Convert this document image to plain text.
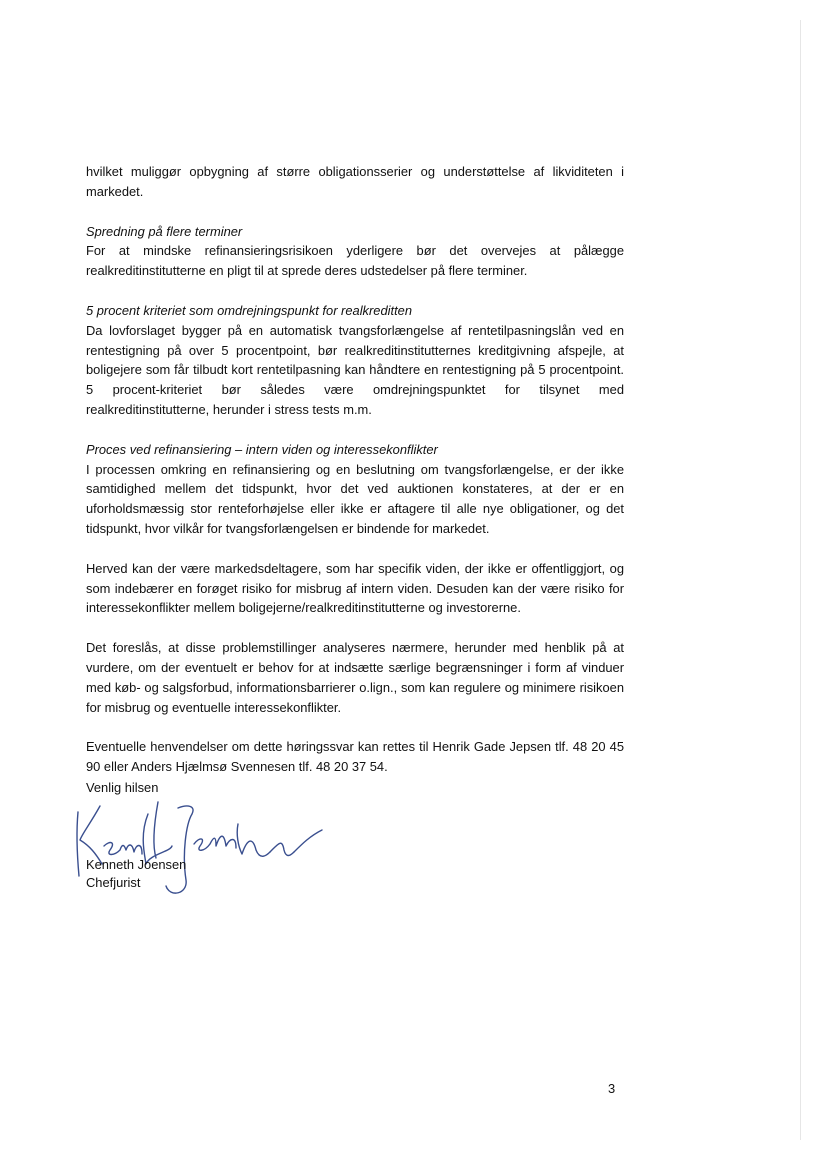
hvilket muliggør opbygning af større obligationsserier og understøttelse af likviditeten i markedet.

Spredning på flere terminer

For at mindske refinansieringsrisikoen yderligere bør det overvejes at pålægge realkreditinstitutterne en pligt til at sprede deres udstedelser på flere terminer.

5 procent kriteriet som omdrejningspunkt for realkreditten

Da lovforslaget bygger på en automatisk tvangsforlængelse af rentetilpasningslån ved en rentestigning på over 5 procentpoint, bør realkreditinstitutternes kreditgivning afspejle, at boligejere som får tilbudt kort rentetilpasning kan håndtere en rentestigning på 5 procentpoint. 5 procent-kriteriet bør således være omdrejningspunktet for tilsynet med realkreditinstitutterne, herunder i stress tests m.m.

Proces ved refinansiering – intern viden og interessekonflikter

I processen omkring en refinansiering og en beslutning om tvangsforlængelse, er der ikke samtidighed mellem det tidspunkt, hvor det ved auktionen konstateres, at der er en uforholdsmæssig stor renteforhøjelse eller ikke er aftagere til alle nye obligationer, og det tidspunkt, hvor vilkår for tvangsforlængelsen er bindende for markedet.

Herved kan der være markedsdeltagere, som har specifik viden, der ikke er offentliggjort, og som indebærer en forøget risiko for misbrug af intern viden. Desuden kan der være risiko for interessekonflikter mellem boligejerne/realkreditinstitutterne og investorerne.

Det foreslås, at disse problemstillinger analyseres nærmere, herunder med henblik på at vurdere, om der eventuelt er behov for at indsætte særlige begrænsninger i form af vinduer med køb- og salgsforbud, informationsbarrierer o.lign., som kan regulere og minimere risikoen for misbrug og eventuelle interessekonflikter.

Eventuelle henvendelser om dette høringssvar kan rettes til Henrik Gade Jepsen tlf. 48 20 45 90 eller Anders Hjælmsø Svennesen tlf. 48 20 37 54.

Venlig hilsen

Kenneth Joensen
Chefjurist
3
